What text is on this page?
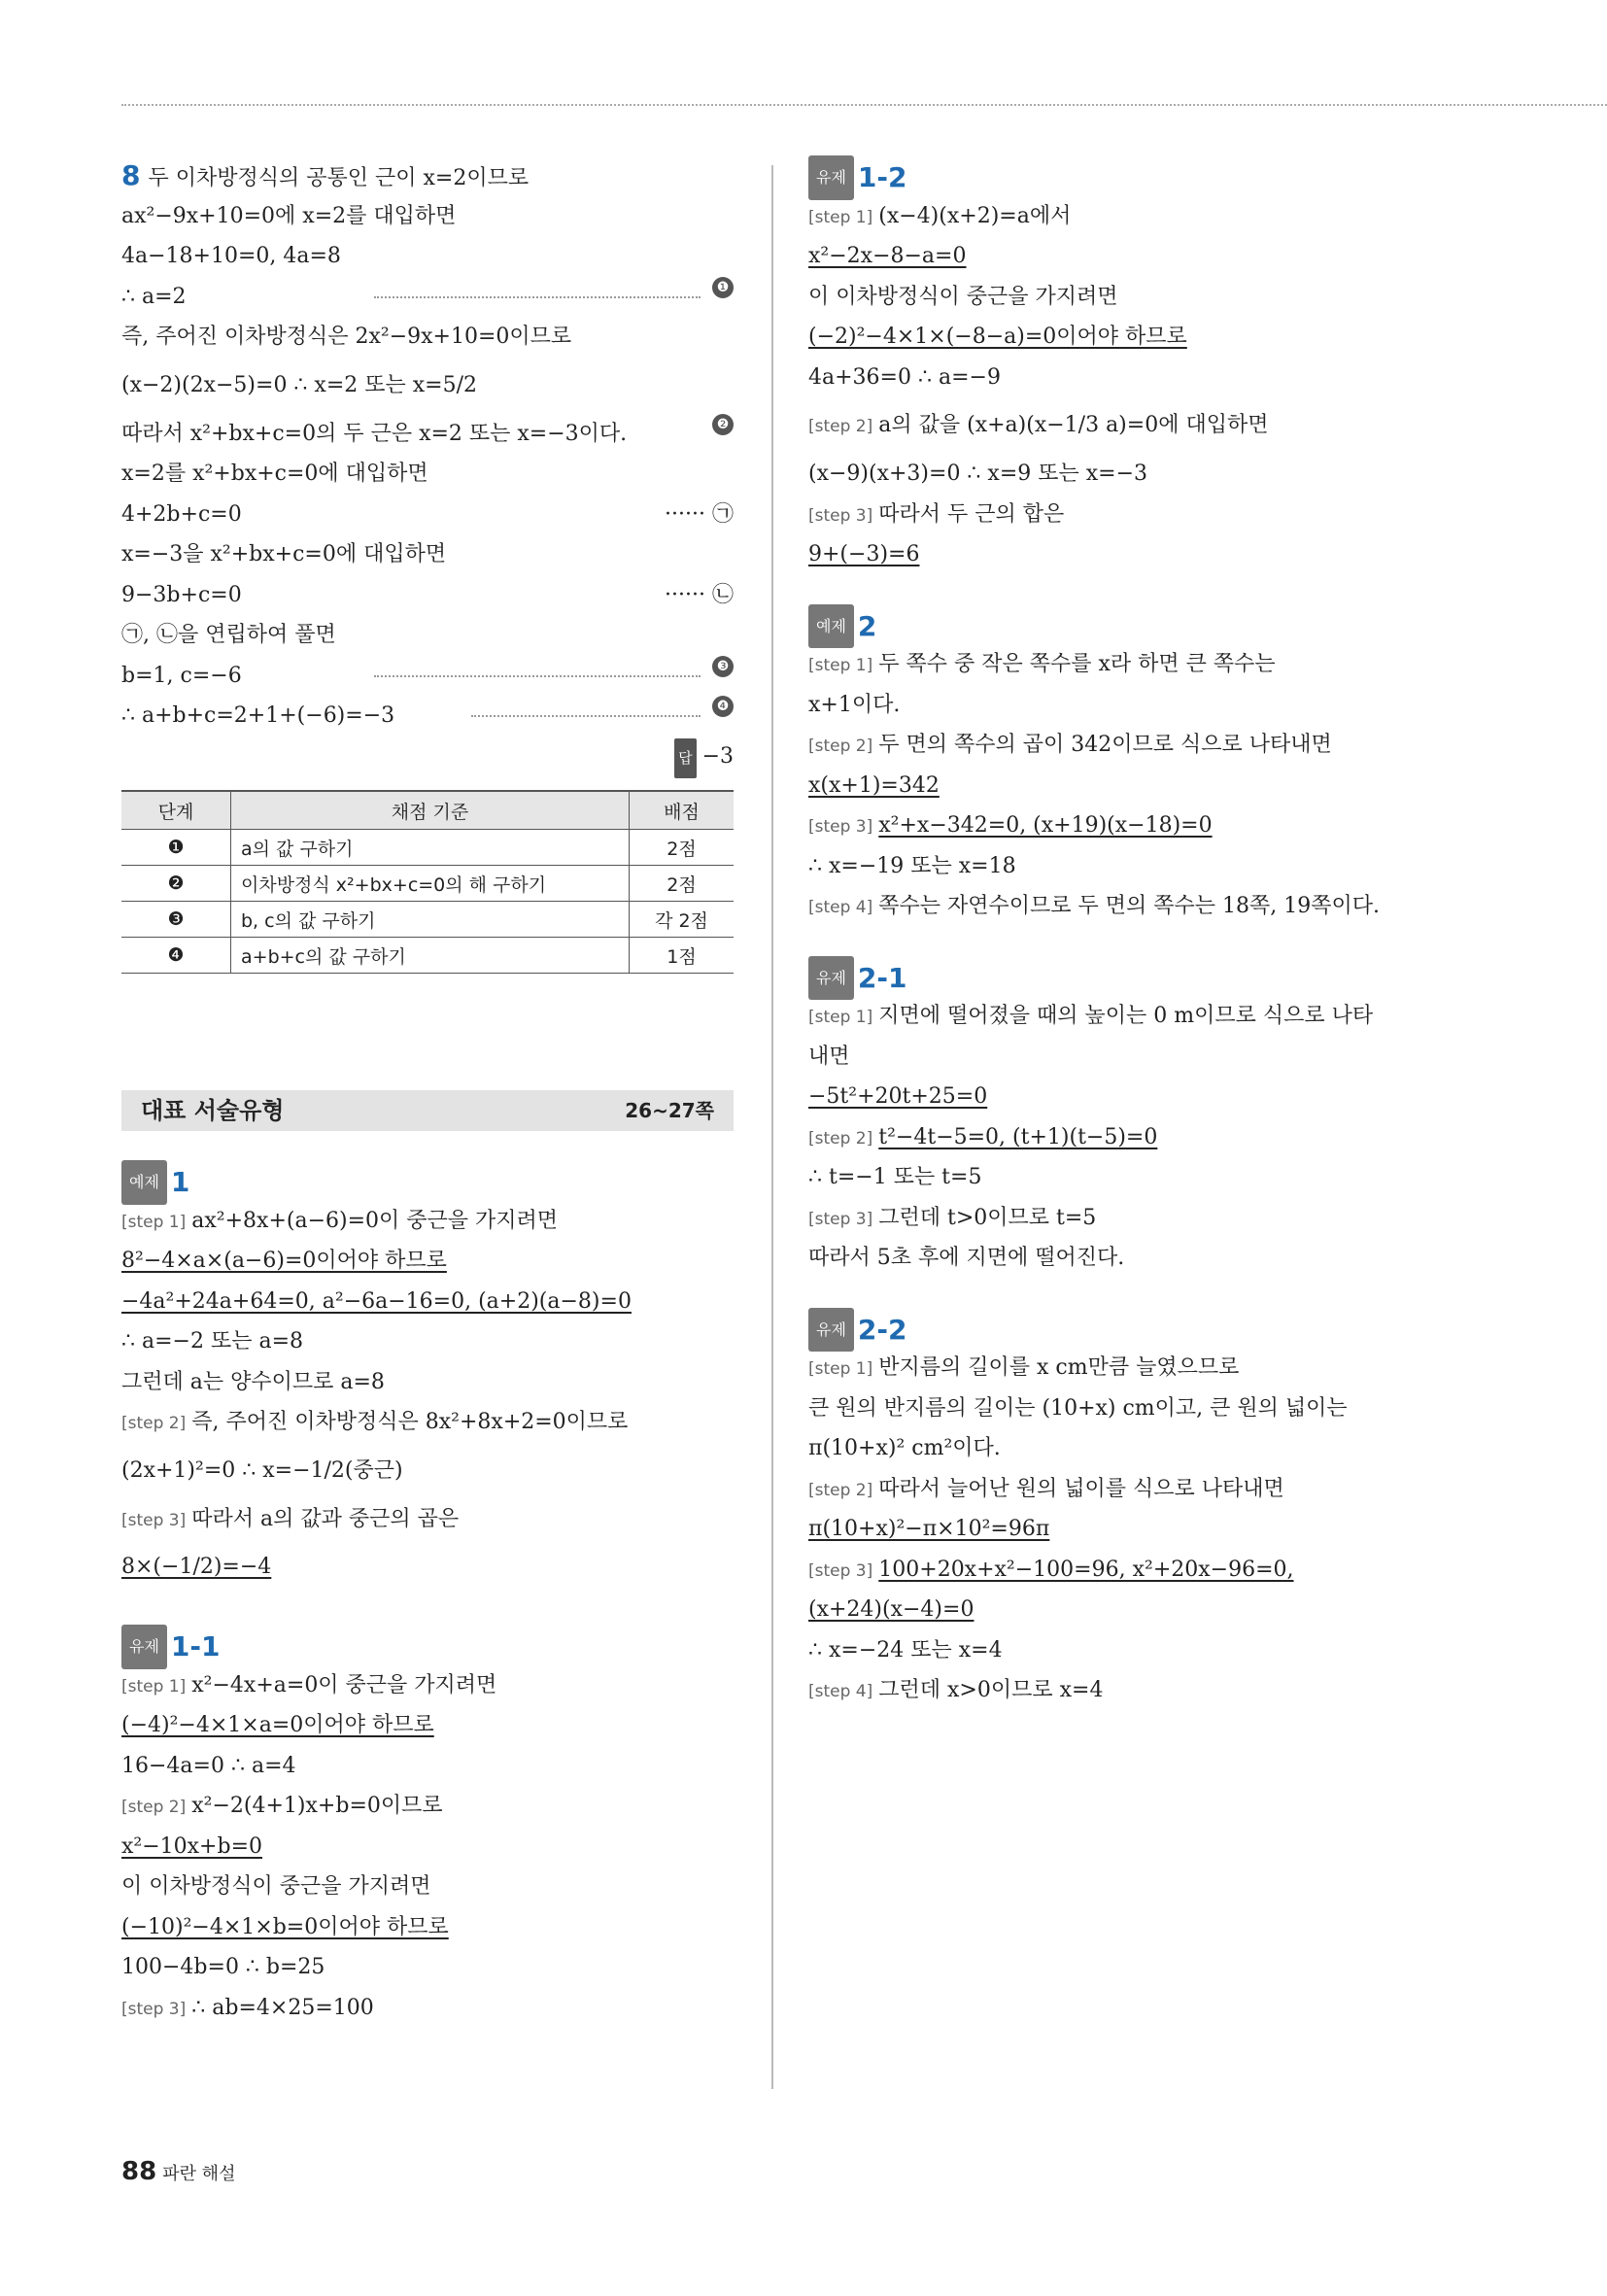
8 두 이차방정식의 공통인 근이 x=2이므로
ax²−9x+10=0에 x=2를 대입하면
4a−18+10=0, 4a=8
∴ a=2	❶
즉, 주어진 이차방정식은 2x²−9x+10=0이므로
(x−2)(2x−5)=0 ∴ x=2 또는 x=5/2
따라서 x²+bx+c=0의 두 근은 x=2 또는 x=−3이다.	❷
x=2를 x²+bx+c=0에 대입하면
4+2b+c=0	······ ㉠
x=−3을 x²+bx+c=0에 대입하면
9−3b+c=0	······ ㉡
㉠, ㉡을 연립하여 풀면
b=1, c=−6	❸
∴ a+b+c=2+1+(−6)=−3	❹
답 −3
단계	채점 기준	배점
❶	a의 값 구하기	2점
❷	이차방정식 x²+bx+c=0의 해 구하기	2점
❸	b, c의 값 구하기	각 2점
❹	a+b+c의 값 구하기	1점
대표 서술유형	26~27쪽
예제 1
[step 1] ax²+8x+(a−6)=0이 중근을 가지려면
8²−4×a×(a−6)=0이어야 하므로
−4a²+24a+64=0, a²−6a−16=0, (a+2)(a−8)=0
∴ a=−2 또는 a=8
그런데 a는 양수이므로 a=8
[step 2] 즉, 주어진 이차방정식은 8x²+8x+2=0이므로
(2x+1)²=0 ∴ x=−1/2(중근)
[step 3] 따라서 a의 값과 중근의 곱은
8×(−1/2)=−4
유제 1-1
[step 1] x²−4x+a=0이 중근을 가지려면
(−4)²−4×1×a=0이어야 하므로
16−4a=0 ∴ a=4
[step 2] x²−2(4+1)x+b=0이므로
x²−10x+b=0
이 이차방정식이 중근을 가지려면
(−10)²−4×1×b=0이어야 하므로
100−4b=0 ∴ b=25
[step 3] ∴ ab=4×25=100
유제 1-2
[step 1] (x−4)(x+2)=a에서
x²−2x−8−a=0
이 이차방정식이 중근을 가지려면
(−2)²−4×1×(−8−a)=0이어야 하므로
4a+36=0 ∴ a=−9
[step 2] a의 값을 (x+a)(x−1/3 a)=0에 대입하면
(x−9)(x+3)=0 ∴ x=9 또는 x=−3
[step 3] 따라서 두 근의 합은
9+(−3)=6
예제 2
[step 1] 두 쪽수 중 작은 쪽수를 x라 하면 큰 쪽수는
x+1이다.
[step 2] 두 면의 쪽수의 곱이 342이므로 식으로 나타내면
x(x+1)=342
[step 3] x²+x−342=0, (x+19)(x−18)=0
∴ x=−19 또는 x=18
[step 4] 쪽수는 자연수이므로 두 면의 쪽수는 18쪽, 19쪽이다.
유제 2-1
[step 1] 지면에 떨어졌을 때의 높이는 0 m이므로 식으로 나타
내면
−5t²+20t+25=0
[step 2] t²−4t−5=0, (t+1)(t−5)=0
∴ t=−1 또는 t=5
[step 3] 그런데 t>0이므로 t=5
따라서 5초 후에 지면에 떨어진다.
유제 2-2
[step 1] 반지름의 길이를 x cm만큼 늘였으므로
큰 원의 반지름의 길이는 (10+x) cm이고, 큰 원의 넓이는
π(10+x)² cm²이다.
[step 2] 따라서 늘어난 원의 넓이를 식으로 나타내면
π(10+x)²−π×10²=96π
[step 3] 100+20x+x²−100=96, x²+20x−96=0,
(x+24)(x−4)=0
∴ x=−24 또는 x=4
[step 4] 그런데 x>0이므로 x=4
88 파란 해설
